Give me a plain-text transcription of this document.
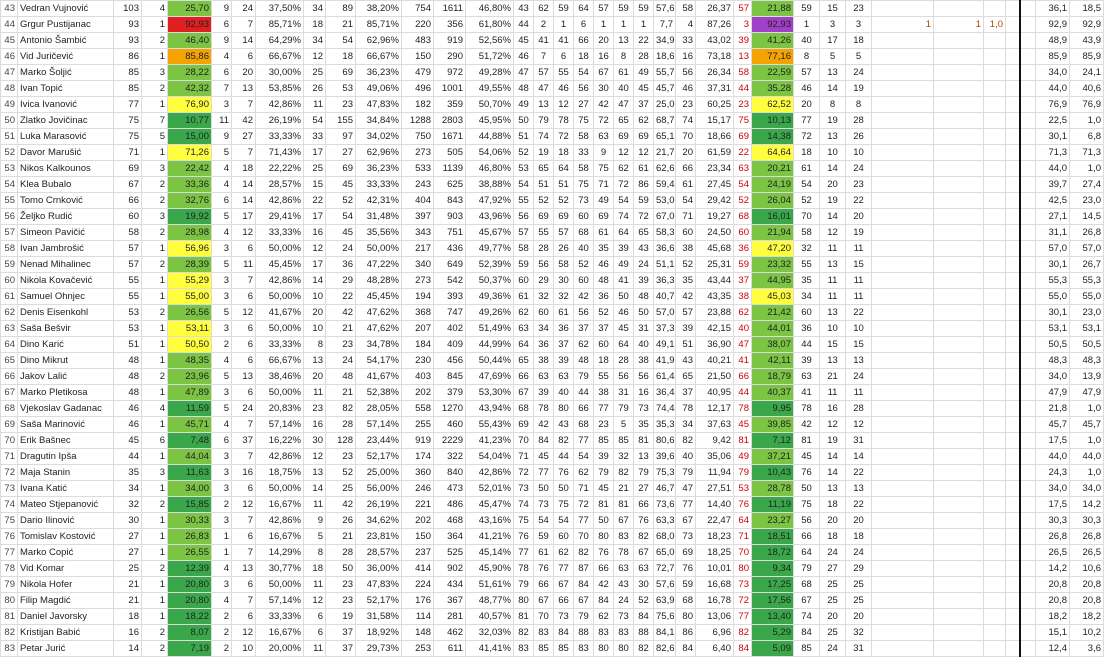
43	Vedran Vujnović	103	4	25,70	9	24	37,50%	34	89	38,20%	754	1611	46,80%	43	62	59	64	57	59	59	57,6	58	26,37	57	21,88	59	15	23						36,1	18,5
44	Grgur Pustijanac	93	1	92,93	6	7	85,71%	18	21	85,71%	220	356	61,80%	44	2	1	6	1	1	1	7,7	4	87,26	3	92,93	1	3	3	1	1	1,0			92,9	92,9
45	Antonio Šambić	93	2	46,40	9	14	64,29%	34	54	62,96%	483	919	52,56%	45	41	41	66	20	13	22	34,9	33	43,02	39	41,26	40	17	18						48,9	43,9
46	Vid Juričević	86	1	85,86	4	6	66,67%	12	18	66,67%	150	290	51,72%	46	7	6	18	16	8	28	18,6	16	73,18	13	77,16	8	5	5						85,9	85,9
47	Marko Šoljić	85	3	28,22	6	20	30,00%	25	69	36,23%	479	972	49,28%	47	57	55	54	67	61	49	55,7	56	26,34	58	22,59	57	13	24						34,0	24,1
48	Ivan Topić	85	2	42,32	7	13	53,85%	26	53	49,06%	496	1001	49,55%	48	47	46	56	30	40	45	45,7	46	37,31	44	35,28	46	14	19						44,0	40,6
49	Ivica Ivanović	77	1	76,90	3	7	42,86%	11	23	47,83%	182	359	50,70%	49	13	12	27	42	47	37	25,0	23	60,25	23	62,52	20	8	8						76,9	76,9
50	Zlatko Jovičinac	75	7	10,77	11	42	26,19%	54	155	34,84%	1288	2803	45,95%	50	79	78	75	72	65	62	68,7	74	15,17	75	10,13	77	19	28						22,5	1,0
51	Luka Marasović	75	5	15,00	9	27	33,33%	33	97	34,02%	750	1671	44,88%	51	74	72	58	63	69	69	65,1	70	18,66	69	14,38	72	13	26						30,1	6,8
52	Davor Marušić	71	1	71,26	5	7	71,43%	17	27	62,96%	273	505	54,06%	52	19	18	33	9	12	12	21,7	20	61,59	22	64,64	18	10	10						71,3	71,3
53	Nikos Kalkounos	69	3	22,42	4	18	22,22%	25	69	36,23%	533	1139	46,80%	53	65	64	58	75	62	61	62,6	66	23,34	63	20,21	61	14	24						44,0	1,0
54	Klea Bubalo	67	2	33,36	4	14	28,57%	15	45	33,33%	243	625	38,88%	54	51	51	75	71	72	86	59,4	61	27,45	54	24,19	54	20	23						39,7	27,4
55	Tomo Crnković	66	2	32,76	6	14	42,86%	22	52	42,31%	404	843	47,92%	55	52	52	73	49	54	59	53,0	54	29,42	52	26,04	52	19	22						42,5	23,0
56	Željko Rudić	60	3	19,92	5	17	29,41%	17	54	31,48%	397	903	43,96%	56	69	69	60	69	74	72	67,0	71	19,27	68	16,01	70	14	20						27,1	14,5
57	Simeon Pavičić	58	2	28,98	4	12	33,33%	16	45	35,56%	343	751	45,67%	57	55	57	68	61	64	65	58,3	60	24,50	60	21,94	58	12	19						31,1	26,8
58	Ivan Jambrošić	57	1	56,96	3	6	50,00%	12	24	50,00%	217	436	49,77%	58	28	26	40	35	39	43	36,6	38	45,68	36	47,20	32	11	11						57,0	57,0
59	Nenad Mihalinec	57	2	28,39	5	11	45,45%	17	36	47,22%	340	649	52,39%	59	56	58	52	46	49	24	51,1	52	25,31	59	23,32	55	13	15						30,1	26,7
60	Nikola Kovačević	55	1	55,29	3	7	42,86%	14	29	48,28%	273	542	50,37%	60	29	30	60	48	41	39	36,3	35	43,44	37	44,95	35	11	11						55,3	55,3
61	Samuel Ohnjec	55	1	55,00	3	6	50,00%	10	22	45,45%	194	393	49,36%	61	32	32	42	36	50	48	40,7	42	43,35	38	45,03	34	11	11						55,0	55,0
62	Denis Eisenkohl	53	2	26,56	5	12	41,67%	20	42	47,62%	368	747	49,26%	62	60	61	56	52	46	50	57,0	57	23,88	62	21,42	60	13	22						30,1	23,0
63	Saša Bešvir	53	1	53,11	3	6	50,00%	10	21	47,62%	207	402	51,49%	63	34	36	37	37	45	31	37,3	39	42,15	40	44,01	36	10	10						53,1	53,1
64	Dino Karić	51	1	50,50	2	6	33,33%	8	23	34,78%	184	409	44,99%	64	36	37	62	60	64	40	49,1	51	36,90	47	38,07	44	15	15						50,5	50,5
65	Dino Mikrut	48	1	48,35	4	6	66,67%	13	24	54,17%	230	456	50,44%	65	38	39	48	18	28	38	41,9	43	40,21	41	42,11	39	13	13						48,3	48,3
66	Jakov Lalić	48	2	23,96	5	13	38,46%	20	48	41,67%	403	845	47,69%	66	63	63	79	55	56	56	61,4	65	21,50	66	18,79	63	21	24						34,0	13,9
67	Marko Pletikosa	48	1	47,89	3	6	50,00%	11	21	52,38%	202	379	53,30%	67	39	40	44	38	31	16	36,4	37	40,95	44	40,37	41	11	11						47,9	47,9
68	Vjekoslav Gadanac	46	4	11,59	5	24	20,83%	23	82	28,05%	558	1270	43,94%	68	78	80	66	77	79	73	74,4	78	12,17	78	9,95	78	16	28						21,8	1,0
69	Saša Marinović	46	1	45,71	4	7	57,14%	16	28	57,14%	255	460	55,43%	69	42	43	68	23	5	35	35,3	34	37,63	45	39,85	42	12	12						45,7	45,7
70	Erik Bašnec	45	6	7,48	6	37	16,22%	30	128	23,44%	919	2229	41,23%	70	84	82	77	85	85	81	80,6	82	9,42	81	7,12	81	19	31						17,5	1,0
71	Dragutin Ipša	44	1	44,04	3	7	42,86%	12	23	52,17%	174	322	54,04%	71	45	44	54	39	32	13	39,6	40	35,06	49	37,21	45	14	14						44,0	44,0
72	Maja Stanin	35	3	11,63	3	16	18,75%	13	52	25,00%	360	840	42,86%	72	77	76	62	79	82	79	75,3	79	11,94	79	10,43	76	14	22						24,3	1,0
73	Ivana Katić	34	1	34,00	3	6	50,00%	14	25	56,00%	246	473	52,01%	73	50	50	71	45	21	27	46,7	47	27,51	53	28,78	50	13	13						34,0	34,0
74	Mateo Stjepanović	32	2	15,85	2	12	16,67%	11	42	26,19%	221	486	45,47%	74	73	75	72	81	81	66	73,6	77	14,40	76	11,19	75	18	22						17,5	14,2
75	Dario Ilinović	30	1	30,33	3	7	42,86%	9	26	34,62%	202	468	43,16%	75	54	54	77	50	67	76	63,3	67	22,47	64	23,27	56	20	20						30,3	30,3
76	Tomislav Kostović	27	1	26,83	1	6	16,67%	5	21	23,81%	150	364	41,21%	76	59	60	70	80	83	82	68,0	73	18,23	71	18,51	66	18	18						26,8	26,8
77	Marko Copić	27	1	26,55	1	7	14,29%	8	28	28,57%	237	525	45,14%	77	61	62	82	76	78	67	65,0	69	18,25	70	18,72	64	24	24						26,5	26,5
78	Vid Komar	25	2	12,39	4	13	30,77%	18	50	36,00%	414	902	45,90%	78	76	77	87	66	63	63	72,7	76	10,01	80	9,34	79	27	29						14,2	10,6
79	Nikola Hofer	21	1	20,80	3	6	50,00%	11	23	47,83%	224	434	51,61%	79	66	67	84	42	43	30	57,6	59	16,68	73	17,25	68	25	25						20,8	20,8
80	Filip Magdić	21	1	20,80	4	7	57,14%	12	23	52,17%	176	367	48,77%	80	67	66	67	84	24	52	63,9	68	16,78	72	17,56	67	25	25						20,8	20,8
81	Daniel Javorsky	18	1	18,22	2	6	33,33%	6	19	31,58%	114	281	40,57%	81	70	73	79	62	73	84	75,6	80	13,06	77	13,40	74	20	20						18,2	18,2
82	Kristijan Babić	16	2	8,07	2	12	16,67%	6	37	18,92%	148	462	32,03%	82	83	84	88	83	83	88	84,1	86	6,96	82	5,29	84	25	32						15,1	10,2
83	Petar Jurić	14	2	7,19	2	10	20,00%	11	37	29,73%	253	611	41,41%	83	85	85	83	80	80	82	82,6	84	6,40	84	5,09	85	24	31						12,4	3,6
